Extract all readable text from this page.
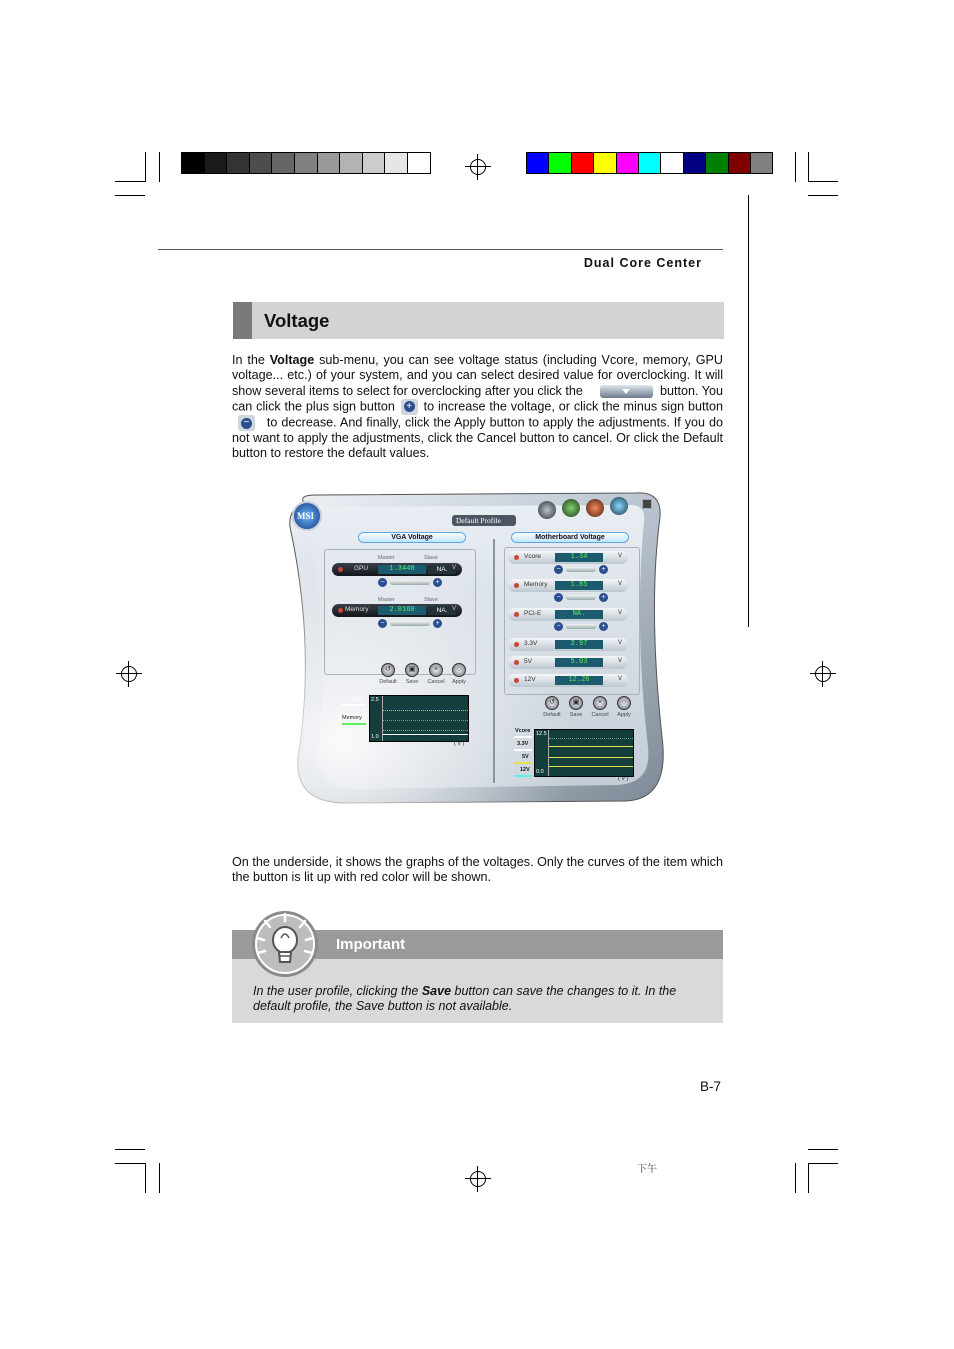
Dual Core Center
Voltage
In the Voltage sub-menu, you can see voltage status (including Vcore, memory, GPU voltage... etc.) of your system, and you can select desired value for overclocking. It will show several items to select for overclocking after you click the	button. You can click the plus sign button + to increase the voltage, or click the minus sign button
− to decrease. And finally, click the Apply button to apply the adjustments. If you do not want to apply the adjustments, click the Cancel button to cancel. Or click the Default button to restore the default values.
MSI	Default Profile
VGA Voltage
Master	Slave
GPU	1.3440	NA. V
−	+
Master	Slave
Memory	2.0160	NA. V
−	+
↺
Default
▣
Save
×
Cancel
○
Apply
GPU
Memory
2.5
1.0
( V )
Motherboard Voltage
↺
Default
▣
Save
×
Cancel
○
Apply
Vcore
3.3V
5V
12V
12.5
0.0
( V )
On the underside, it shows the graphs of the voltages. Only the curves of the item which the button is lit up with red color will be shown.
Important
In the user profile, clicking the Save button can save the changes to it. In the default profile, the Save button is not available.
B-7
下午
Vcore	1.34	V
−	+
Memory	1.85	V
−	+
PCI-E	NA.	V
−	+
3.3V	2.97	V
5V	5.03	V
12V	12.26	V
